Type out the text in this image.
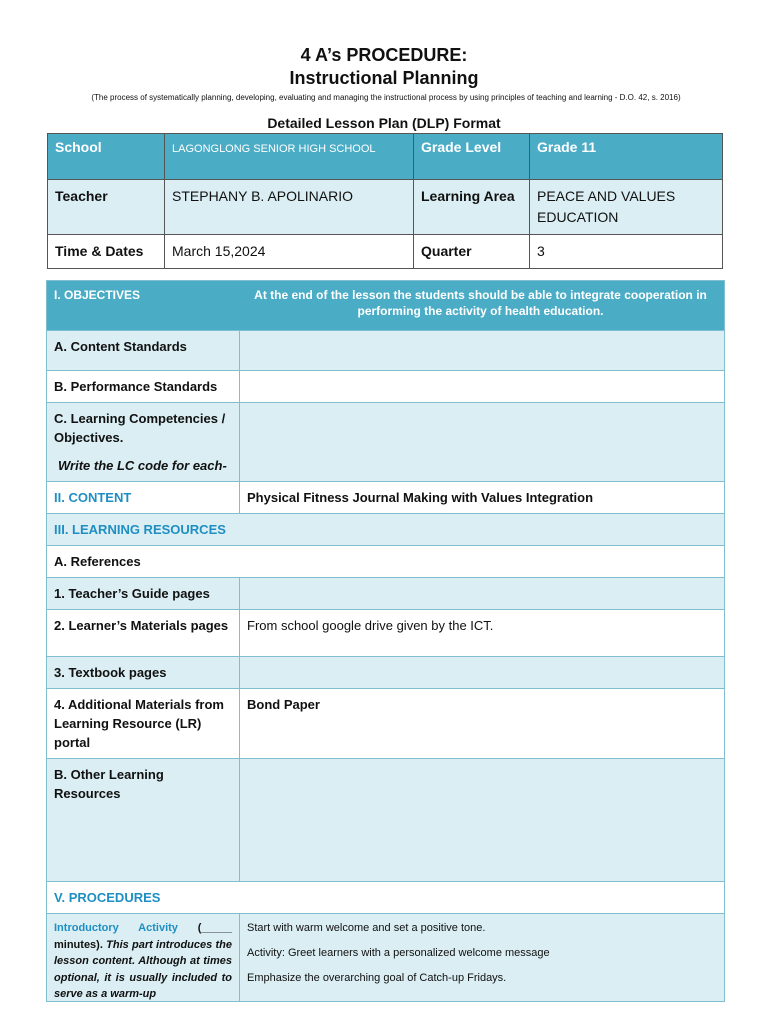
4 A’s PROCEDURE:
Instructional Planning
(The process of systematically planning, developing, evaluating and managing the instructional process by using principles of teaching and learning - D.O. 42, s. 2016)
Detailed Lesson Plan (DLP) Format
School	LAGONGLONG SENIOR HIGH SCHOOL	Grade Level	Grade 11
Teacher	STEPHANY B. APOLINARIO	Learning Area	PEACE AND VALUES EDUCATION
Time & Dates	March 15,2024	Quarter	3
I. OBJECTIVES At the end of the lesson the students should be able to integrate cooperation in performing the activity of health education.	

A. Content Standards	
B. Performance Standards	

C. Learning Competencies / Objectives.
Write the LC code for each-	

II. CONTENT	Physical Fitness Journal Making with Values Integration
III. LEARNING RESOURCES	
A. References	
1. Teacher’s Guide pages	
2. Learner’s Materials pages	From school google drive given by the ICT.
3. Textbook pages	
4. Additional Materials from Learning Resource (LR) portal	Bond Paper
B. Other Learning Resources	
V. PROCEDURES	

Introductory Activity (_____ minutes). This part introduces the lesson content. Although at times optional, it is usually included to serve as a warm-up	Start with warm welcome and set a positive tone.
Activity: Greet learners with a personalized welcome message
Emphasize the overarching goal of Catch-up Fridays.
